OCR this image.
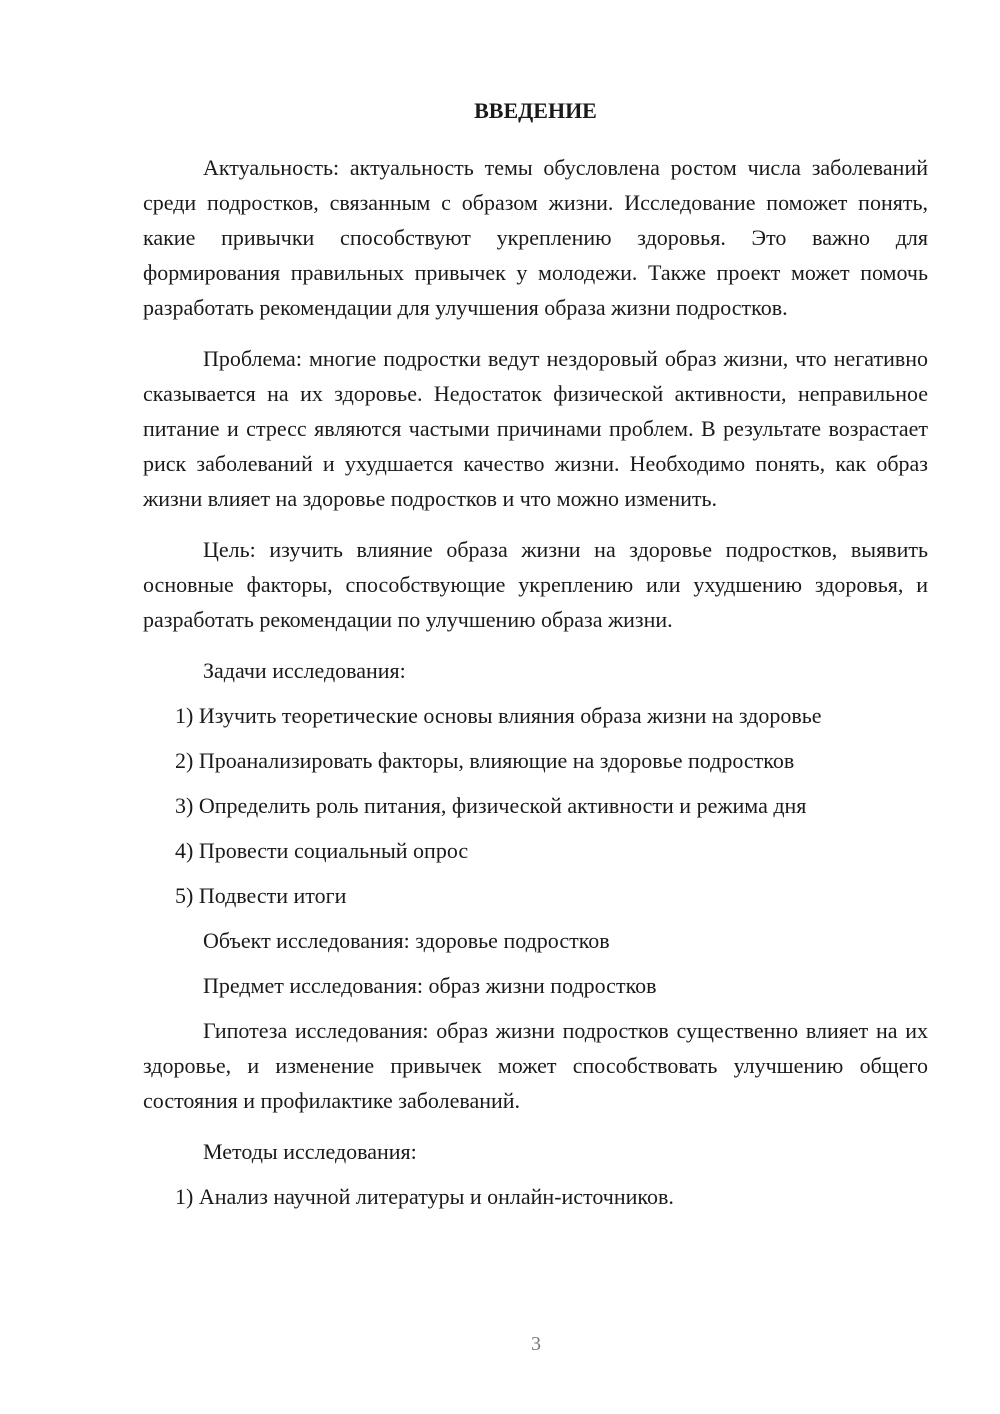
ВВЕДЕНИЕ

Актуальность: актуальность темы обусловлена ростом числа заболеваний среди подростков, связанным с образом жизни. Исследование поможет понять, какие привычки способствуют укреплению здоровья. Это важно для формирования правильных привычек у молодежи. Также проект может помочь разработать рекомендации для улучшения образа жизни подростков.

Проблема: многие подростки ведут нездоровый образ жизни, что негативно сказывается на их здоровье. Недостаток физической активности, неправильное питание и стресс являются частыми причинами проблем. В результате возрастает риск заболеваний и ухудшается качество жизни. Необходимо понять, как образ жизни влияет на здоровье подростков и что можно изменить.

Цель: изучить влияние образа жизни на здоровье подростков, выявить основные факторы, способствующие укреплению или ухудшению здоровья, и разработать рекомендации по улучшению образа жизни.

Задачи исследования:

1) Изучить теоретические основы влияния образа жизни на здоровье

2) Проанализировать факторы, влияющие на здоровье подростков

3) Определить роль питания, физической активности и режима дня

4) Провести социальный опрос

5) Подвести итоги

Объект исследования: здоровье подростков

Предмет исследования: образ жизни подростков

Гипотеза исследования: образ жизни подростков существенно влияет на их здоровье, и изменение привычек может способствовать улучшению общего состояния и профилактике заболеваний.

Методы исследования:

1) Анализ научной литературы и онлайн-источников.

3
